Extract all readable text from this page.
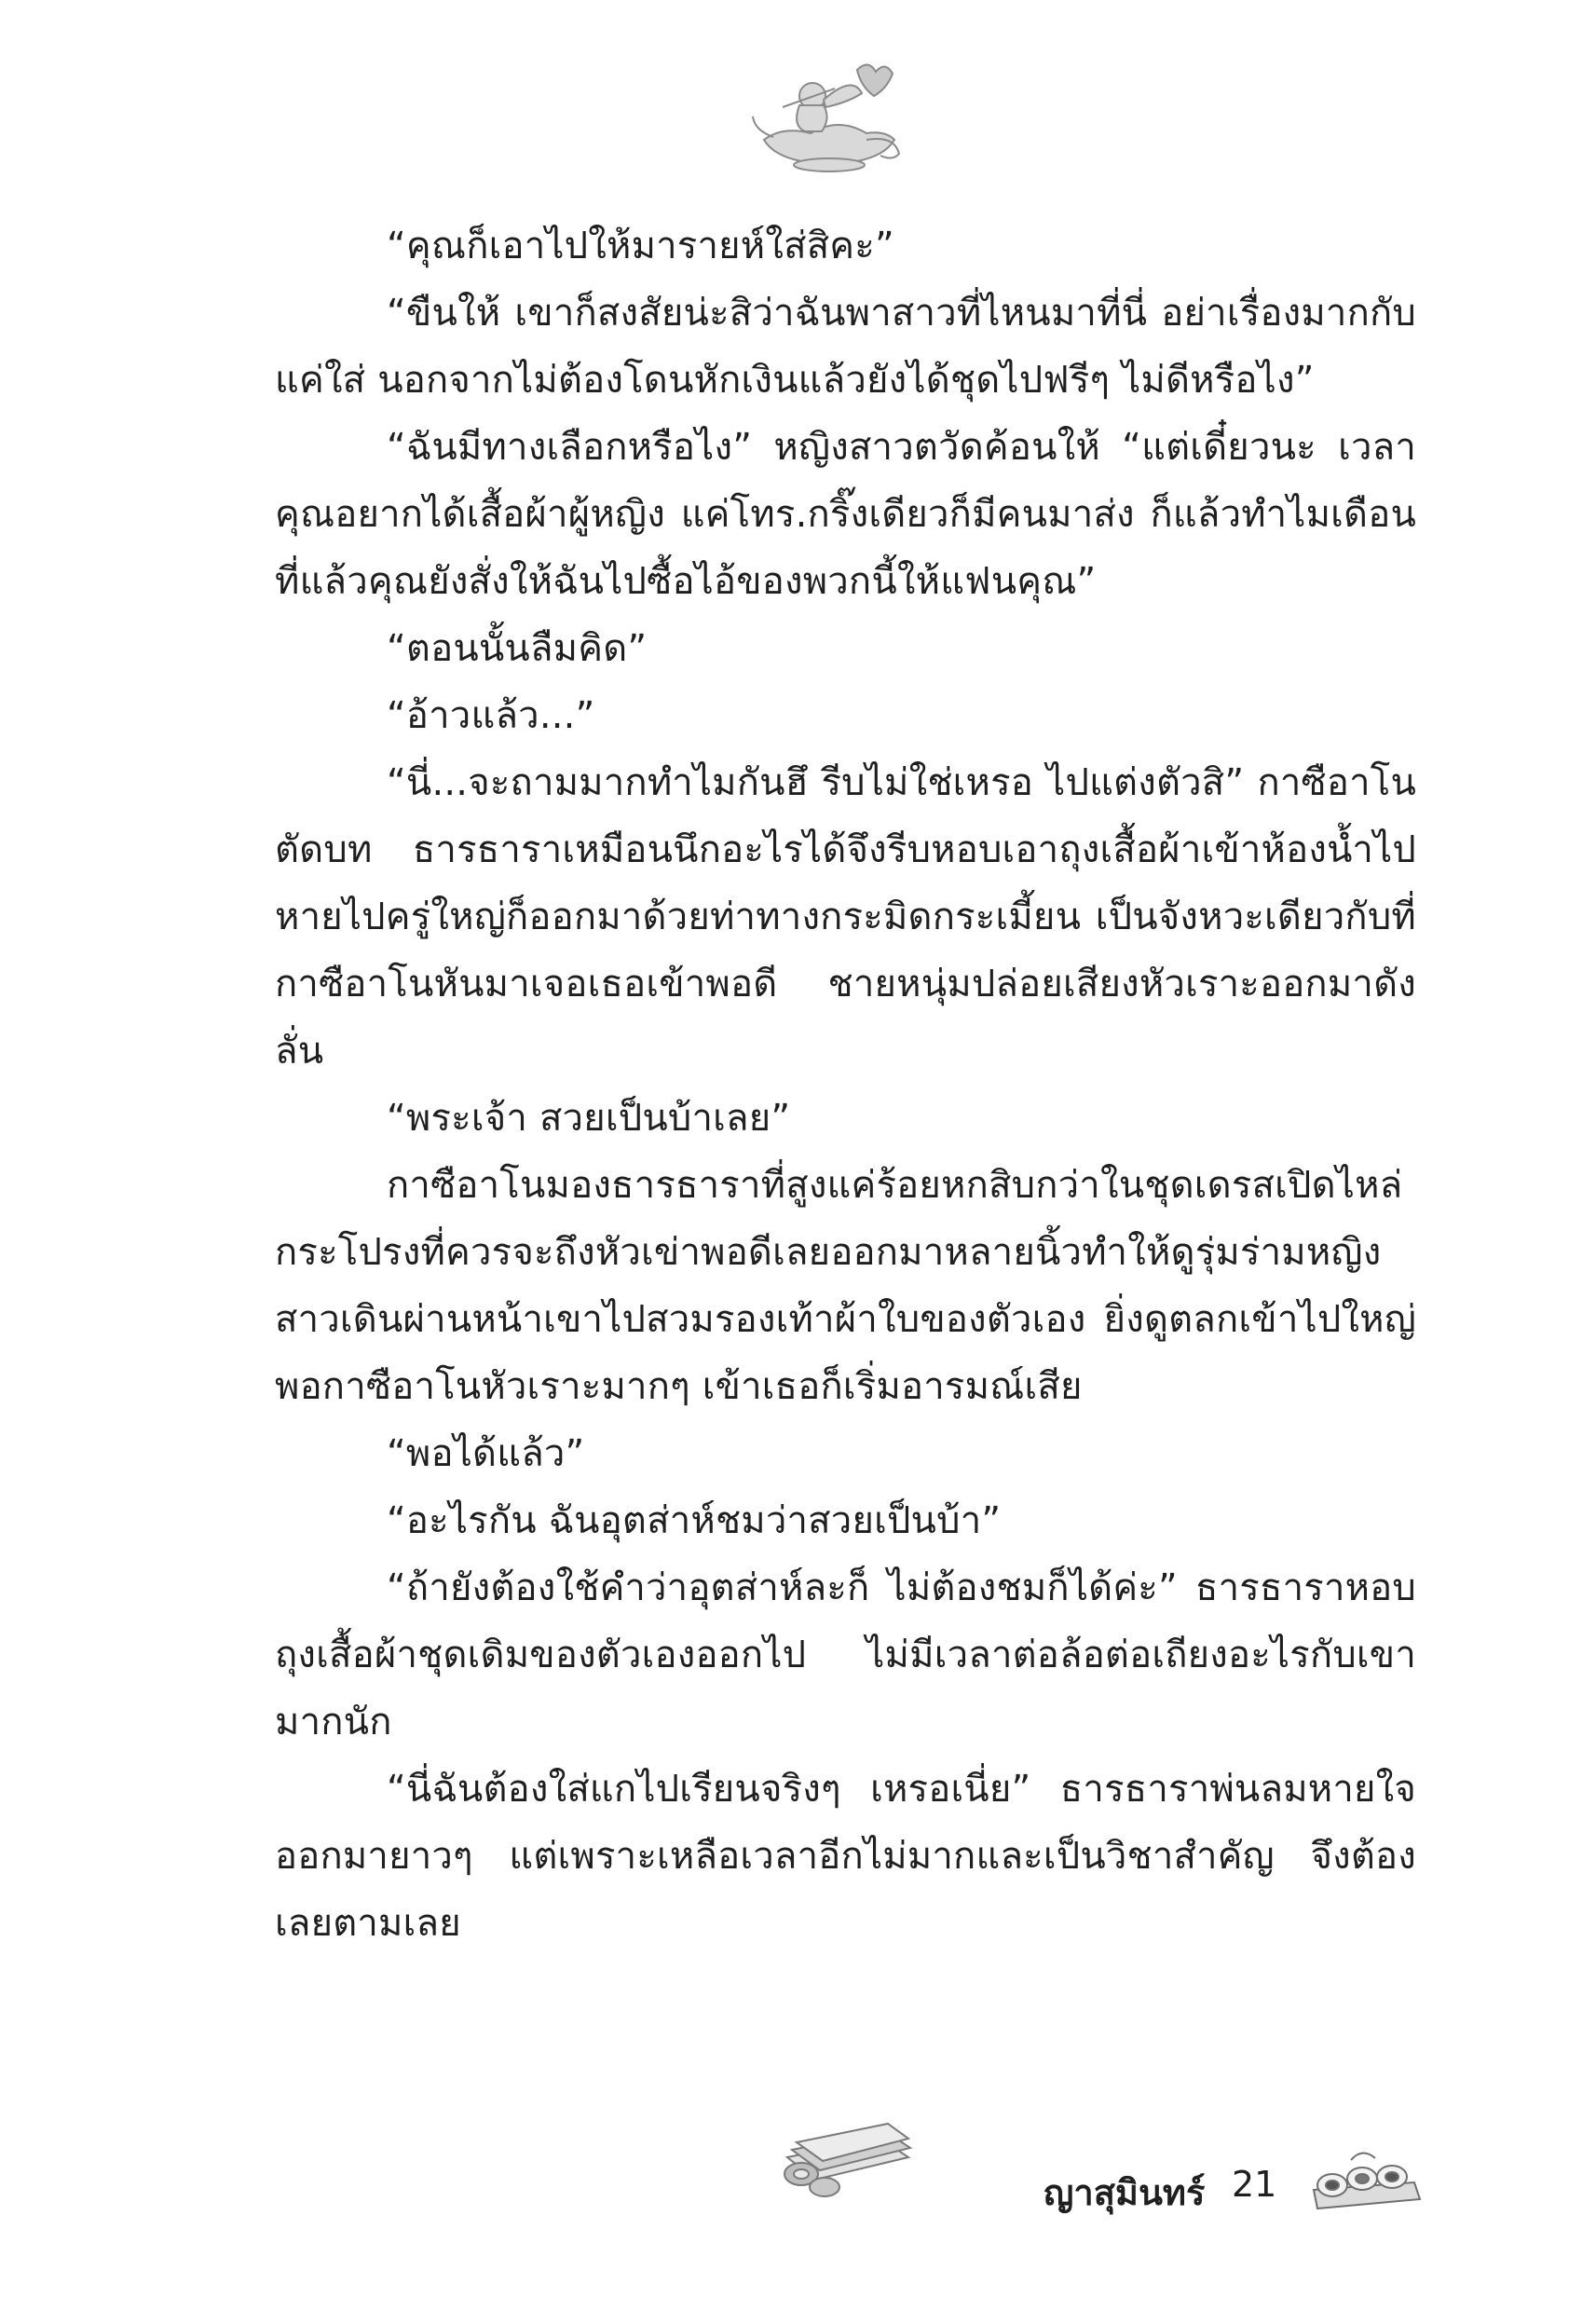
“คุณก็เอาไปให้มารายห์ใส่สิคะ”

“ขืนให้ เขาก็สงสัยน่ะสิว่าฉันพาสาวที่ไหนมาที่นี่ อย่าเรื่องมากกับแค่ใส่ นอกจากไม่ต้องโดนหักเงินแล้วยังได้ชุดไปฟรีๆ ไม่ดีหรือไง”

“ฉันมีทางเลือกหรือไง” หญิงสาวตวัดค้อนให้ “แต่เดี๋ยวนะ เวลาคุณอยากได้เสื้อผ้าผู้หญิง แค่โทร.กริ๊งเดียวก็มีคนมาส่ง ก็แล้วทำไมเดือนที่แล้วคุณยังสั่งให้ฉันไปซื้อไอ้ของพวกนี้ให้แฟนคุณ”

“ตอนนั้นลืมคิด”

“อ้าวแล้ว...”

“นี่...จะถามมากทำไมกันฮึ รีบไม่ใช่เหรอ ไปแต่งตัวสิ” กาซือาโนตัดบท ธารธาราเหมือนนึกอะไรได้จึงรีบหอบเอาถุงเสื้อผ้าเข้าห้องน้ำไป หายไปครู่ใหญ่ก็ออกมาด้วยท่าทางกระมิดกระเมี้ยน เป็นจังหวะเดียวกับที่กาซือาโนหันมาเจอเธอเข้าพอดี ชายหนุ่มปล่อยเสียงหัวเราะออกมาดังลั่น

“พระเจ้า สวยเป็นบ้าเลย”

กาซือาโนมองธารธาราที่สูงแค่ร้อยหกสิบกว่าในชุดเดรสเปิดไหล่กระโปรงที่ควรจะถึงหัวเข่าพอดีเลยออกมาหลายนิ้วทำให้ดูรุ่มร่ามหญิงสาวเดินผ่านหน้าเขาไปสวมรองเท้าผ้าใบของตัวเอง ยิ่งดูตลกเข้าไปใหญ่ พอกาซือาโนหัวเราะมากๆ เข้าเธอก็เริ่มอารมณ์เสีย

“พอได้แล้ว”

“อะไรกัน ฉันอุตส่าห์ชมว่าสวยเป็นบ้า”

“ถ้ายังต้องใช้คำว่าอุตส่าห์ละก็ ไม่ต้องชมก็ได้ค่ะ” ธารธาราหอบถุงเสื้อผ้าชุดเดิมของตัวเองออกไป ไม่มีเวลาต่อล้อต่อเถียงอะไรกับเขามากนัก

“นี่ฉันต้องใส่แกไปเรียนจริงๆ เหรอเนี่ย” ธารธาราพ่นลมหายใจออกมายาวๆ แต่เพราะเหลือเวลาอีกไม่มากและเป็นวิชาสำคัญ จึงต้องเลยตามเลย

ญาสุมินทร์ 21
